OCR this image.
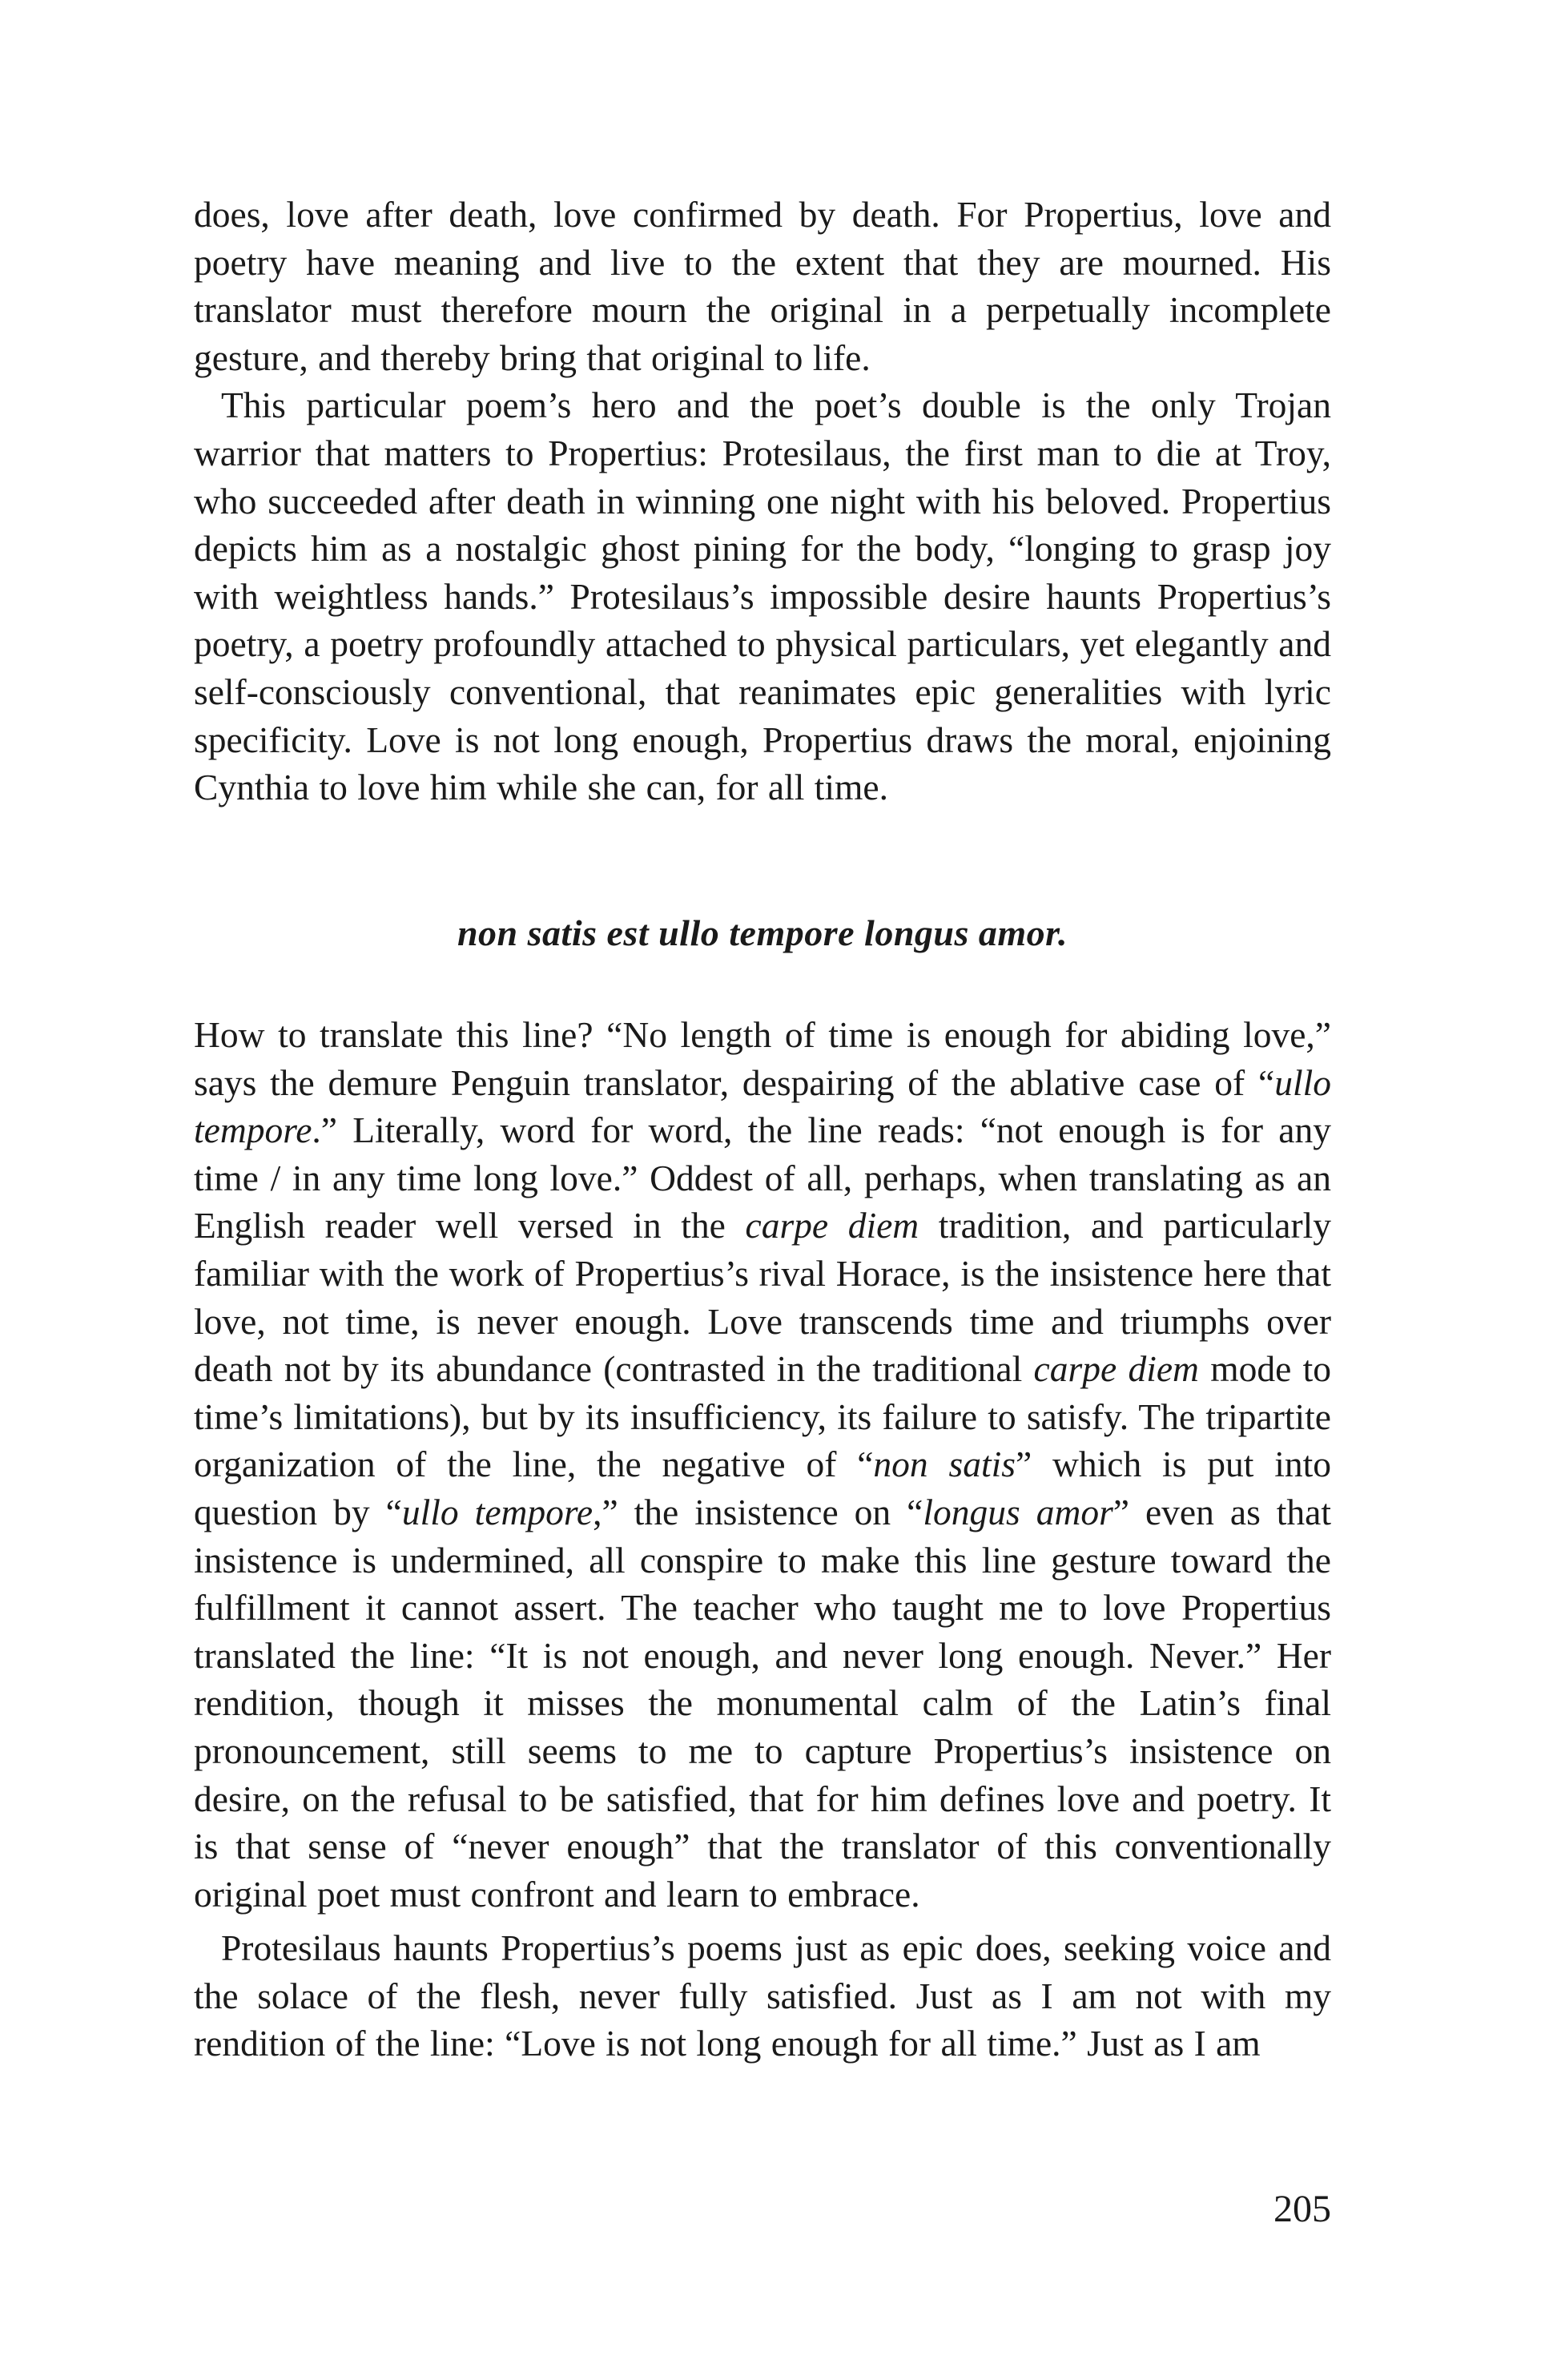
does, love after death, love confirmed by death. For Propertius, love and poetry have meaning and live to the extent that they are mourned. His translator must therefore mourn the original in a perpetually incomplete gesture, and thereby bring that original to life.

This particular poem’s hero and the poet’s double is the only Trojan warrior that matters to Propertius: Protesilaus, the first man to die at Troy, who succeeded after death in winning one night with his beloved. Propertius depicts him as a nostalgic ghost pining for the body, “longing to grasp joy with weightless hands.” Protesilaus’s impossible desire haunts Propertius’s poetry, a poetry profoundly attached to physical particulars, yet elegantly and self-consciously conventional, that reanimates epic generalities with lyric specificity. Love is not long enough, Propertius draws the moral, enjoining Cynthia to love him while she can, for all time.

non satis est ullo tempore longus amor.

How to translate this line? “No length of time is enough for abiding love,” says the demure Penguin translator, despairing of the ablative case of “ullo tempore.” Literally, word for word, the line reads: “not enough is for any time / in any time long love.” Oddest of all, perhaps, when translating as an English reader well versed in the carpe diem tradition, and particularly familiar with the work of Propertius’s rival Horace, is the insistence here that love, not time, is never enough. Love transcends time and triumphs over death not by its abundance (contrasted in the traditional carpe diem mode to time’s limitations), but by its insufficiency, its failure to satisfy. The tripartite organization of the line, the negative of “non satis” which is put into question by “ullo tempore,” the insistence on “longus amor” even as that insistence is undermined, all conspire to make this line gesture toward the fulfillment it cannot assert. The teacher who taught me to love Propertius translated the line: “It is not enough, and never long enough. Never.” Her rendition, though it misses the monumental calm of the Latin’s final pronouncement, still seems to me to capture Propertius’s insistence on desire, on the refusal to be satisfied, that for him defines love and poetry. It is that sense of “never enough” that the translator of this conventionally original poet must confront and learn to embrace.

Protesilaus haunts Propertius’s poems just as epic does, seeking voice and the solace of the flesh, never fully satisfied. Just as I am not with my rendition of the line: “Love is not long enough for all time.” Just as I am

205
